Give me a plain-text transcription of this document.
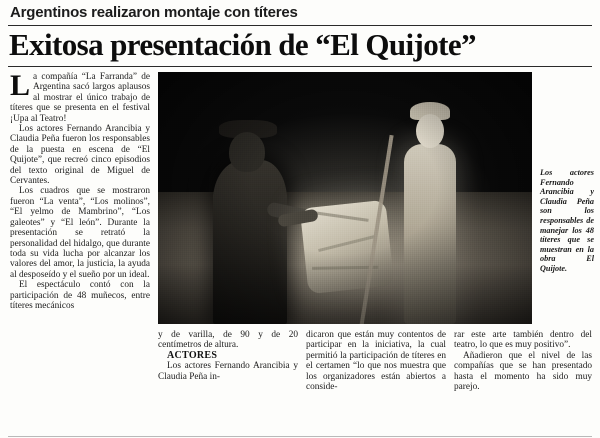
Argentinos realizaron montaje con títeres
Exitosa presentación de “El Quijote”

La compañía “La Farranda” de Argentina sacó largos aplausos al mostrar el único trabajo de títeres que se presenta en el festival ¡Upa al Teatro!

Los actores Fernando Arancibia y Claudia Peña fueron los responsables de la puesta en escena de “El Quijote”, que recreó cinco episodios del texto original de Miguel de Cervantes.

Los cuadros que se mostraron fueron “La venta”, “Los molinos”, “El yelmo de Mambrino”, “Los galeotes” y “El león”. Durante la presentación se retrató la personalidad del hidalgo, que durante toda su vida lucha por alcanzar los valores del amor, la justicia, la ayuda al desposeído y el sueño por un ideal.

El espectáculo contó con la participación de 48 muñecos, entre títeres mecánicos

Los actores Fernando Arancibia y Claudia Peña son los responsables de manejar los 48 títeres que se muestran en la obra El Quijote.

y de varilla, de 90 y de 20 centímetros de altura.

ACTORES

Los actores Fernando Arancibia y Claudia Peña in-

dicaron que están muy contentos de participar en la iniciativa, la cual permitió la participación de títeres en el certamen “lo que nos muestra que los organizadores están abiertos a conside-

rar este arte también dentro del teatro, lo que es muy positivo”.

Añadieron que el nivel de las compañías que se han presentado hasta el momento ha sido muy parejo.
